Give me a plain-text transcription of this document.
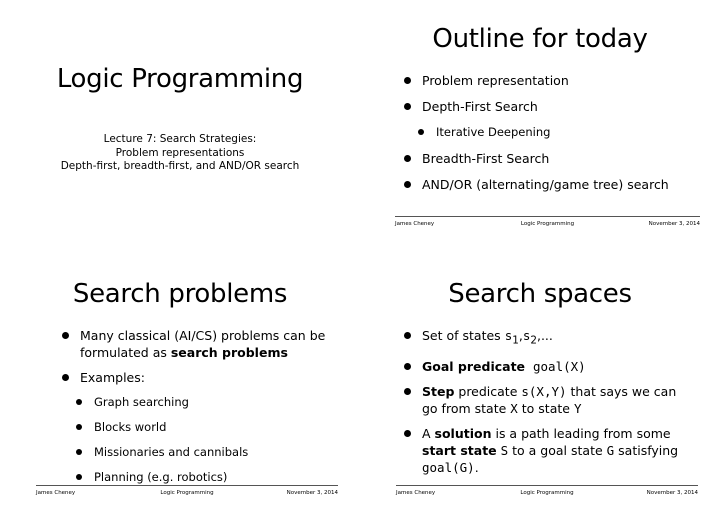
Logic Programming
Lecture 7: Search Strategies:
Problem representations
Depth-first, breadth-first, and AND/OR search
Outline for today
Problem representation
Depth-First Search
Iterative Deepening
Breadth-First Search
AND/OR (alternating/game tree) search
James Cheney	Logic Programming	November 3, 2014
Search problems
Many classical (AI/CS) problems can be formulated as search problems
Examples:
Graph searching
Blocks world
Missionaries and cannibals
Planning (e.g. robotics)
James Cheney	Logic Programming	November 3, 2014
Search spaces
Set of states $s_1,s_2$,...
Goal predicate goal(X)
Step predicate s(X,Y) that says we can go from state X to state Y
A solution is a path leading from some start state S to a goal state G satisfying goal(G).
James Cheney	Logic Programming	November 3, 2014
